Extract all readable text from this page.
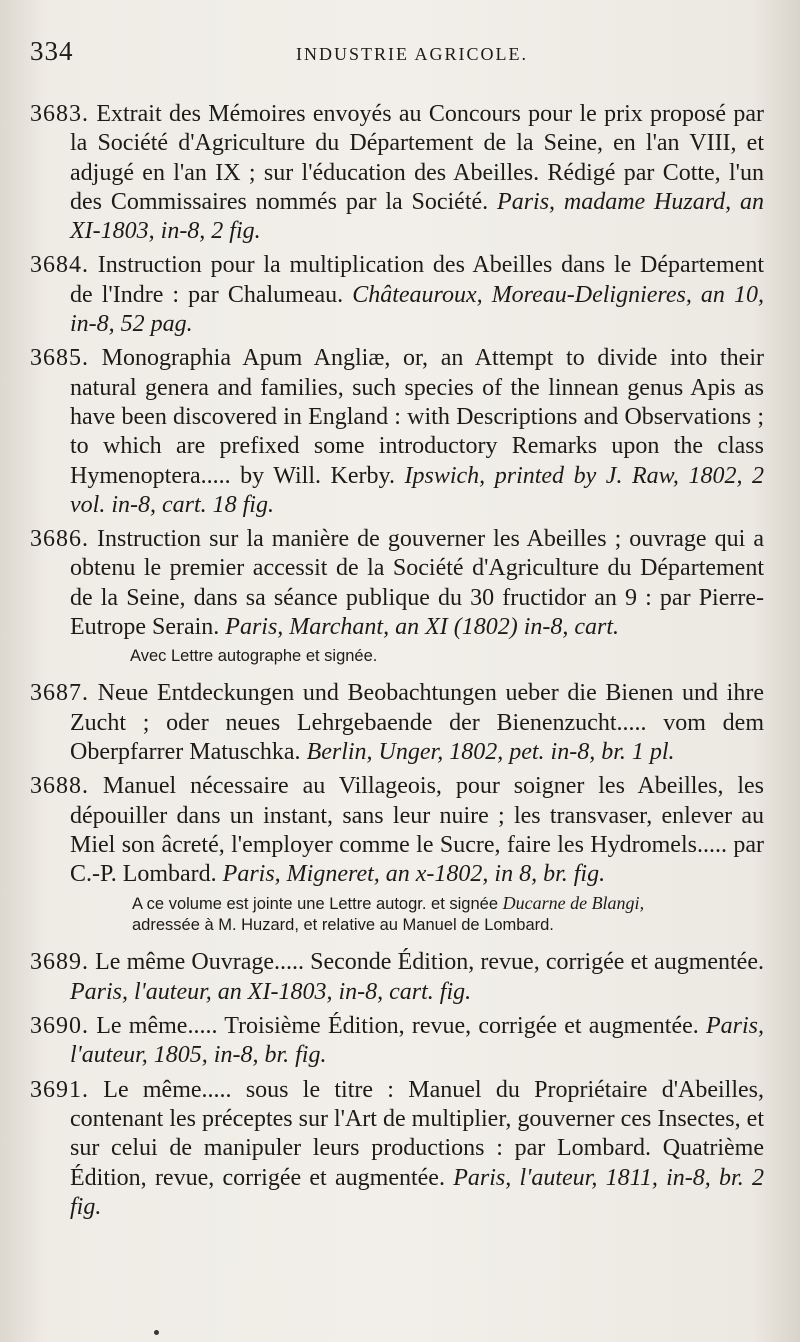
334	INDUSTRIE AGRICOLE.

3683. Extrait des Mémoires envoyés au Concours pour le prix proposé par la Société d'Agriculture du Département de la Seine, en l'an VIII, et adjugé en l'an IX ; sur l'éducation des Abeilles. Rédigé par Cotte, l'un des Commissaires nommés par la Société. Paris, madame Huzard, an XI-1803, in-8, 2 fig.

3684. Instruction pour la multiplication des Abeilles dans le Département de l'Indre : par Chalumeau. Châteauroux, Moreau-Delignieres, an 10, in-8, 52 pag.

3685. Monographia Apum Angliæ, or, an Attempt to divide into their natural genera and families, such species of the linnean genus Apis as have been discovered in England : with Descriptions and Observations ; to which are prefixed some introductory Remarks upon the class Hymenoptera..... by Will. Kerby. Ipswich, printed by J. Raw, 1802, 2 vol. in-8, cart. 18 fig.

3686. Instruction sur la manière de gouverner les Abeilles ; ouvrage qui a obtenu le premier accessit de la Société d'Agriculture du Département de la Seine, dans sa séance publique du 30 fructidor an 9 : par Pierre-Eutrope Serain. Paris, Marchant, an XI (1802) in-8, cart.

Avec Lettre autographe et signée.

3687. Neue Entdeckungen und Beobachtungen ueber die Bienen und ihre Zucht ; oder neues Lehrgebaende der Bienenzucht..... vom dem Oberpfarrer Matuschka. Berlin, Unger, 1802, pet. in-8, br. 1 pl.

3688. Manuel nécessaire au Villageois, pour soigner les Abeilles, les dépouiller dans un instant, sans leur nuire ; les transvaser, enlever au Miel son âcreté, l'employer comme le Sucre, faire les Hydromels..... par C.-P. Lombard. Paris, Migneret, an x-1802, in 8, br. fig.

A ce volume est jointe une Lettre autogr. et signée Ducarne de Blangi,
adressée à M. Huzard, et relative au Manuel de Lombard.

3689. Le même Ouvrage..... Seconde Édition, revue, corrigée et augmentée. Paris, l'auteur, an XI-1803, in-8, cart. fig.

3690. Le même..... Troisième Édition, revue, corrigée et augmentée. Paris, l'auteur, 1805, in-8, br. fig.

3691. Le même..... sous le titre : Manuel du Propriétaire d'Abeilles, contenant les préceptes sur l'Art de multiplier, gouverner ces Insectes, et sur celui de manipuler leurs productions : par Lombard. Quatrième Édition, revue, corrigée et augmentée. Paris, l'auteur, 1811, in-8, br. 2 fig.
